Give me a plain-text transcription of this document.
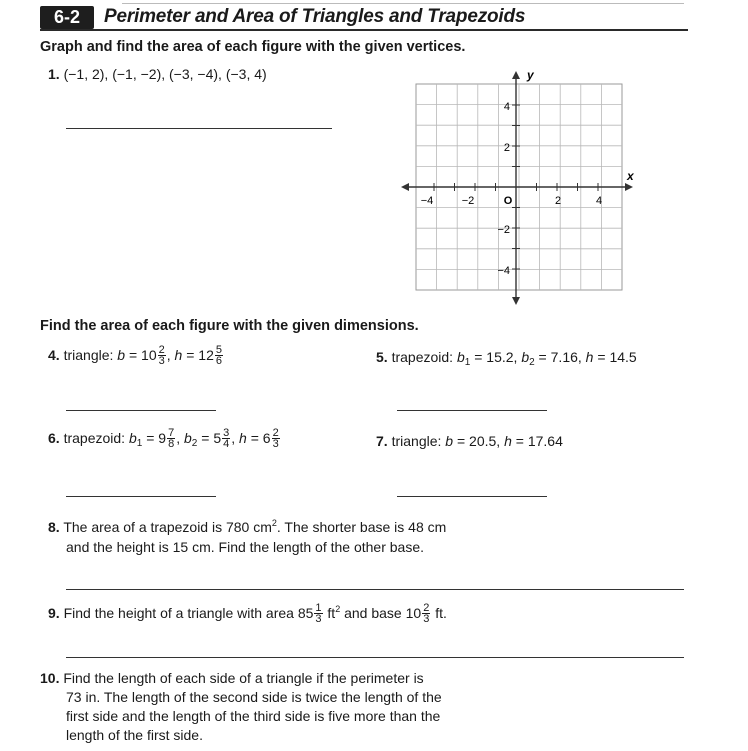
6-2	Perimeter and Area of Triangles and Trapezoids
Graph and find the area of each figure with the given vertices.
1. (−1, 2), (−1, −2), (−3, −4), (−3, 4)
x
y
−4	−2	O	2	4
4
2
−2
−4
Find the area of each figure with the given dimensions.
4. triangle: $b = 10 \frac{2}{3}$ , $h = 12 \frac{5}{6}$	5. trapezoid: $b_1 = 15.2$, $b_2 = 7.16$, h = 14.5
6. trapezoid: $b_1 = 9 \frac{7}{8}$ , $b_2 = 5 \frac{3}{4}$ , $h = 6 \frac{2}{3}$	7. triangle: b = 20.5, h = 17.64
8. The area of a trapezoid is 780 $cm^2$. The shorter base is 48 cm
and the height is 15 cm. Find the length of the other base.
9. Find the height of a triangle with area $85 \frac{1}{3} ft^2$ and base $10 \frac{2}{3}$ ft.
10. Find the length of each side of a triangle if the perimeter is
73 in. The length of the second side is twice the length of the
first side and the length of the third side is five more than the
length of the first side.
